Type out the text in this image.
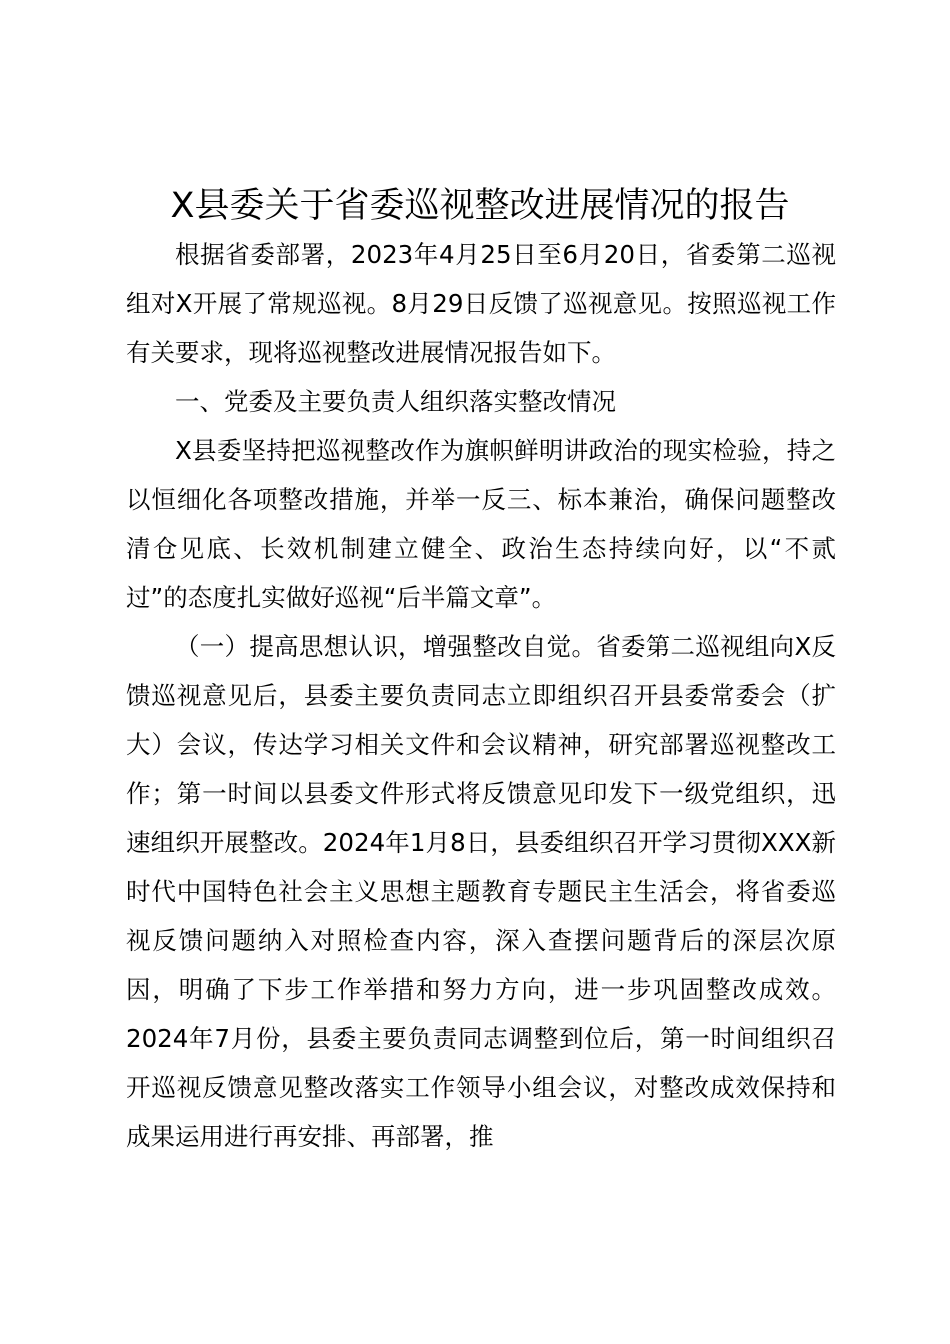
X县委关于省委巡视整改进展情况的报告

根据省委部署，2023年4月25日至6月20日，省委第二巡视组对X开展了常规巡视。8月29日反馈了巡视意见。按照巡视工作有关要求，现将巡视整改进展情况报告如下。

一、党委及主要负责人组织落实整改情况

X县委坚持把巡视整改作为旗帜鲜明讲政治的现实检验，持之以恒细化各项整改措施，并举一反三、标本兼治，确保问题整改清仓见底、长效机制建立健全、政治生态持续向好，以“不贰过”的态度扎实做好巡视“后半篇文章”。

（一）提高思想认识，增强整改自觉。省委第二巡视组向X反馈巡视意见后，县委主要负责同志立即组织召开县委常委会（扩大）会议，传达学习相关文件和会议精神，研究部署巡视整改工作；第一时间以县委文件形式将反馈意见印发下一级党组织，迅速组织开展整改。2024年1月8日，县委组织召开学习贯彻XXX新时代中国特色社会主义思想主题教育专题民主生活会，将省委巡视反馈问题纳入对照检查内容，深入查摆问题背后的深层次原因，明确了下步工作举措和努力方向，进一步巩固整改成效。2024年7月份，县委主要负责同志调整到位后，第一时间组织召开巡视反馈意见整改落实工作领导小组会议，对整改成效保持和成果运用进行再安排、再部署，推
